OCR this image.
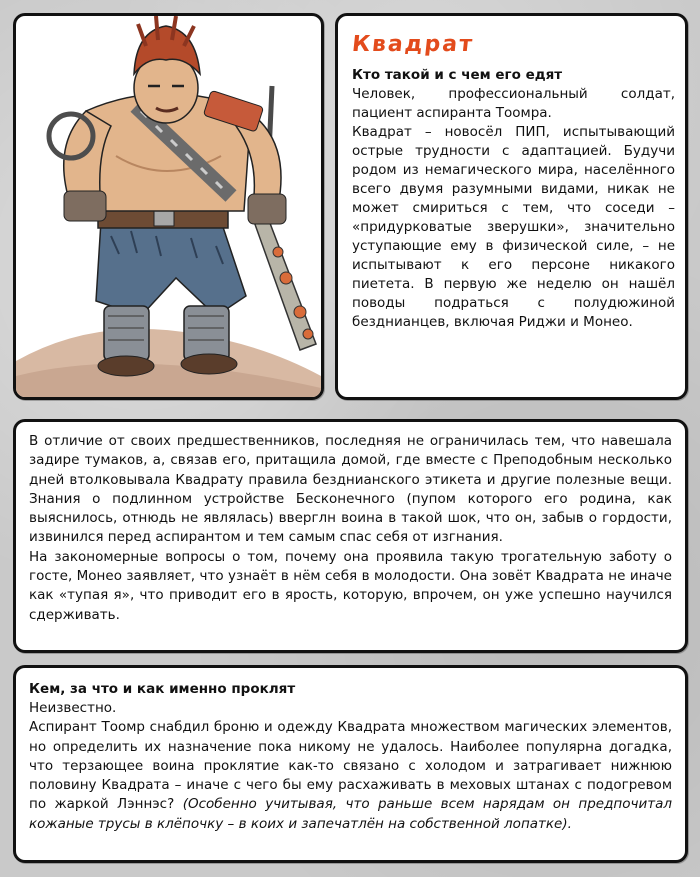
Квадрат

Кто такой и с чем его едят

Человек, профессиональный солдат, пациент аспиранта Тоомра.

Квадрат – новосёл ПИП, испытывающий острые трудности с адаптацией. Будучи родом из немагического мира, населённого всего двумя разумными видами, никак не может смириться с тем, что соседи – «придурковатые зверушки», значительно уступающие ему в физической силе, – не испытывают к его персоне никакого пиетета. В первую же неделю он нашёл поводы подраться с полудюжиной бездниaнцев, включая Риджи и Монео.

В отличие от своих предшественников, последняя не ограничилась тем, что навешала задире тумаков, а, связав его, притащила домой, где вместе с Преподобным несколько дней втолковывала Квадрату правила бездниaнского этикета и другие полезные вещи. Знания о подлинном устройстве Бесконечного (пупом которого его родина, как выяснилось, отнюдь не являлась) вверглн воина в такой шок, что он, забыв о гордости, извинился перед аспирантом и тем самым спас себя от изгнания.

На закономерные вопросы о том, почему она проявила такую трогательную заботу о госте, Монео заявляет, что узнаёт в нём себя в молодости. Она зовёт Квадрата не иначе как «тупая я», что приводит его в ярость, которую, впрочем, он уже успешно научился сдерживать.

Кем, за что и как именно проклят

Неизвестно.

Аспирант Тоомр снабдил броню и одежду Квадрата множеством магических элементов, но определить их назначение пока никому не удалось. Наиболее популярна догадка, что терзающее воина проклятие как-то связано с холодом и затрагивает нижнюю половину Квадрата – иначе с чего бы ему расхаживать в меховых штанах с подогревом по жаркой Лэннэс? (Особенно учитывая, что раньше всем нарядам он предпочитал кожаные трусы в клёпочку – в коих и запечатлён на собственной лопатке).
